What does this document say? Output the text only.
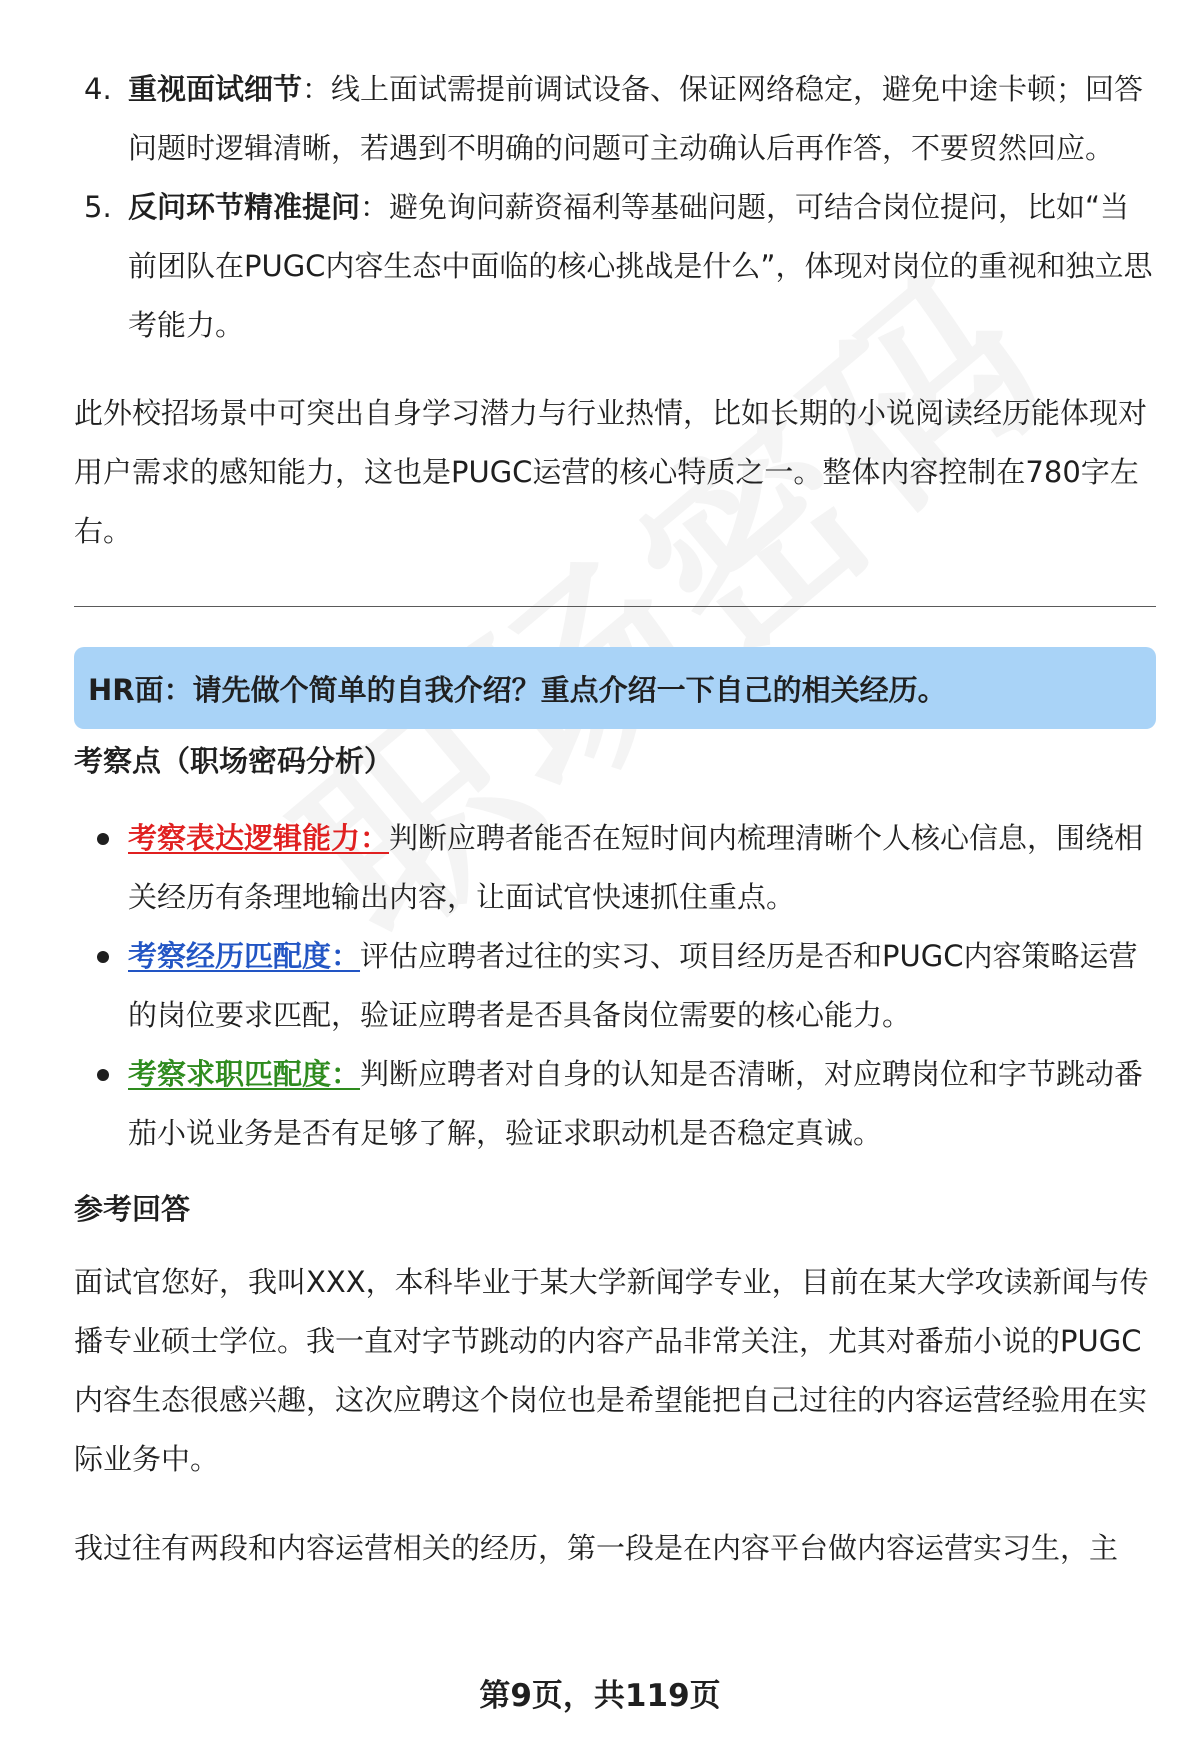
4. 重视面试细节：线上面试需提前调试设备、保证网络稳定，避免中途卡顿；回答问题时逻辑清晰，若遇到不明确的问题可主动确认后再作答，不要贸然回应。
5. 反问环节精准提问：避免询问薪资福利等基础问题，可结合岗位提问，比如“当前团队在PUGC内容生态中面临的核心挑战是什么”，体现对岗位的重视和独立思考能力。

此外校招场景中可突出自身学习潜力与行业热情，比如长期的小说阅读经历能体现对用户需求的感知能力，这也是PUGC运营的核心特质之一。整体内容控制在780字左右。

HR面：请先做个简单的自我介绍？重点介绍一下自己的相关经历。
考察点（职场密码分析）
考察表达逻辑能力：判断应聘者能否在短时间内梳理清晰个人核心信息，围绕相关经历有条理地输出内容，让面试官快速抓住重点。
考察经历匹配度：评估应聘者过往的实习、项目经历是否和PUGC内容策略运营的岗位要求匹配，验证应聘者是否具备岗位需要的核心能力。
考察求职匹配度：判断应聘者对自身的认知是否清晰，对应聘岗位和字节跳动番茄小说业务是否有足够了解，验证求职动机是否稳定真诚。
参考回答

面试官您好，我叫XXX，本科毕业于某大学新闻学专业，目前在某大学攻读新闻与传播专业硕士学位。我一直对字节跳动的内容产品非常关注，尤其对番茄小说的PUGC内容生态很感兴趣，这次应聘这个岗位也是希望能把自己过往的内容运营经验用在实际业务中。

我过往有两段和内容运营相关的经历，第一段是在内容平台做内容运营实习生，主

第9页，共119页
